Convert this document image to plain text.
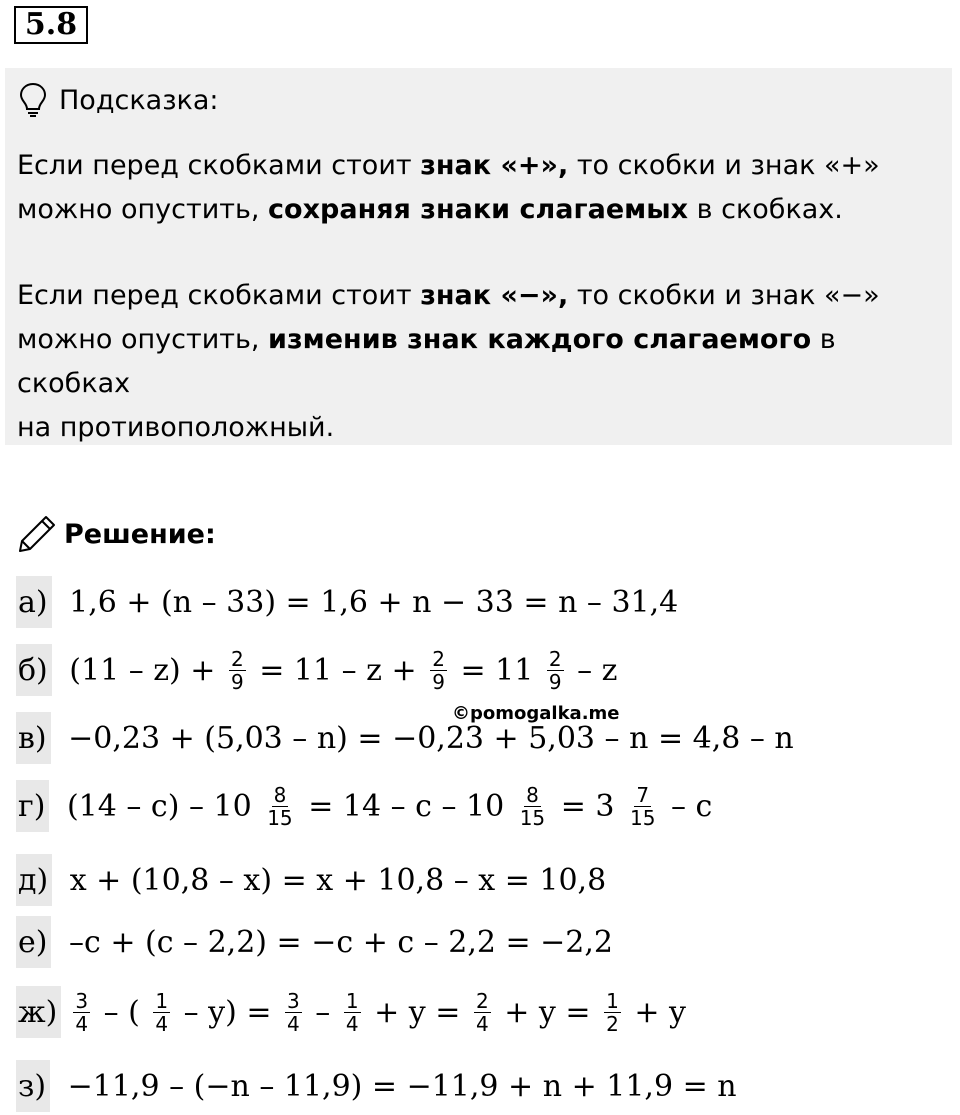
5.8
Подсказка:
Если перед скобками стоит знак «+», то скобки и знак «+»
можно опустить, сохраняя знаки слагаемых в скобках.
Если перед скобками стоит знак «−», то скобки и знак «−»
можно опустить, изменив знак каждого слагаемого в скобках
на противоположный.
Решение:
©pomogalka.me
а) 1,6 + (n – 33) = 1,6 + n − 33 = n – 31,4
б) $(11 - z) + \frac{2}{9} = 11 - z + \frac{2}{9} = 11 \frac{2}{9} - z$
в) −0,23 + (5,03 – n) = −0,23 + 5,03 – n = 4,8 – n
г) $(14 - c) - 10 \frac{8}{15} = 14 - c - 10 \frac{8}{15} = 3 \frac{7}{15} - c$
д) x + (10,8 – x) = x + 10,8 – x = 10,8
е) –c + (c – 2,2) = −c + c – 2,2 = −2,2
$ж) \frac{3}{4}$ – ( $\frac{1}{4} - y) = \frac{3}{4} - \frac{1}{4} + y = \frac{2}{4} + y = \frac{1}{2} + y$
з) −11,9 – (−n – 11,9) = −11,9 + n + 11,9 = n
